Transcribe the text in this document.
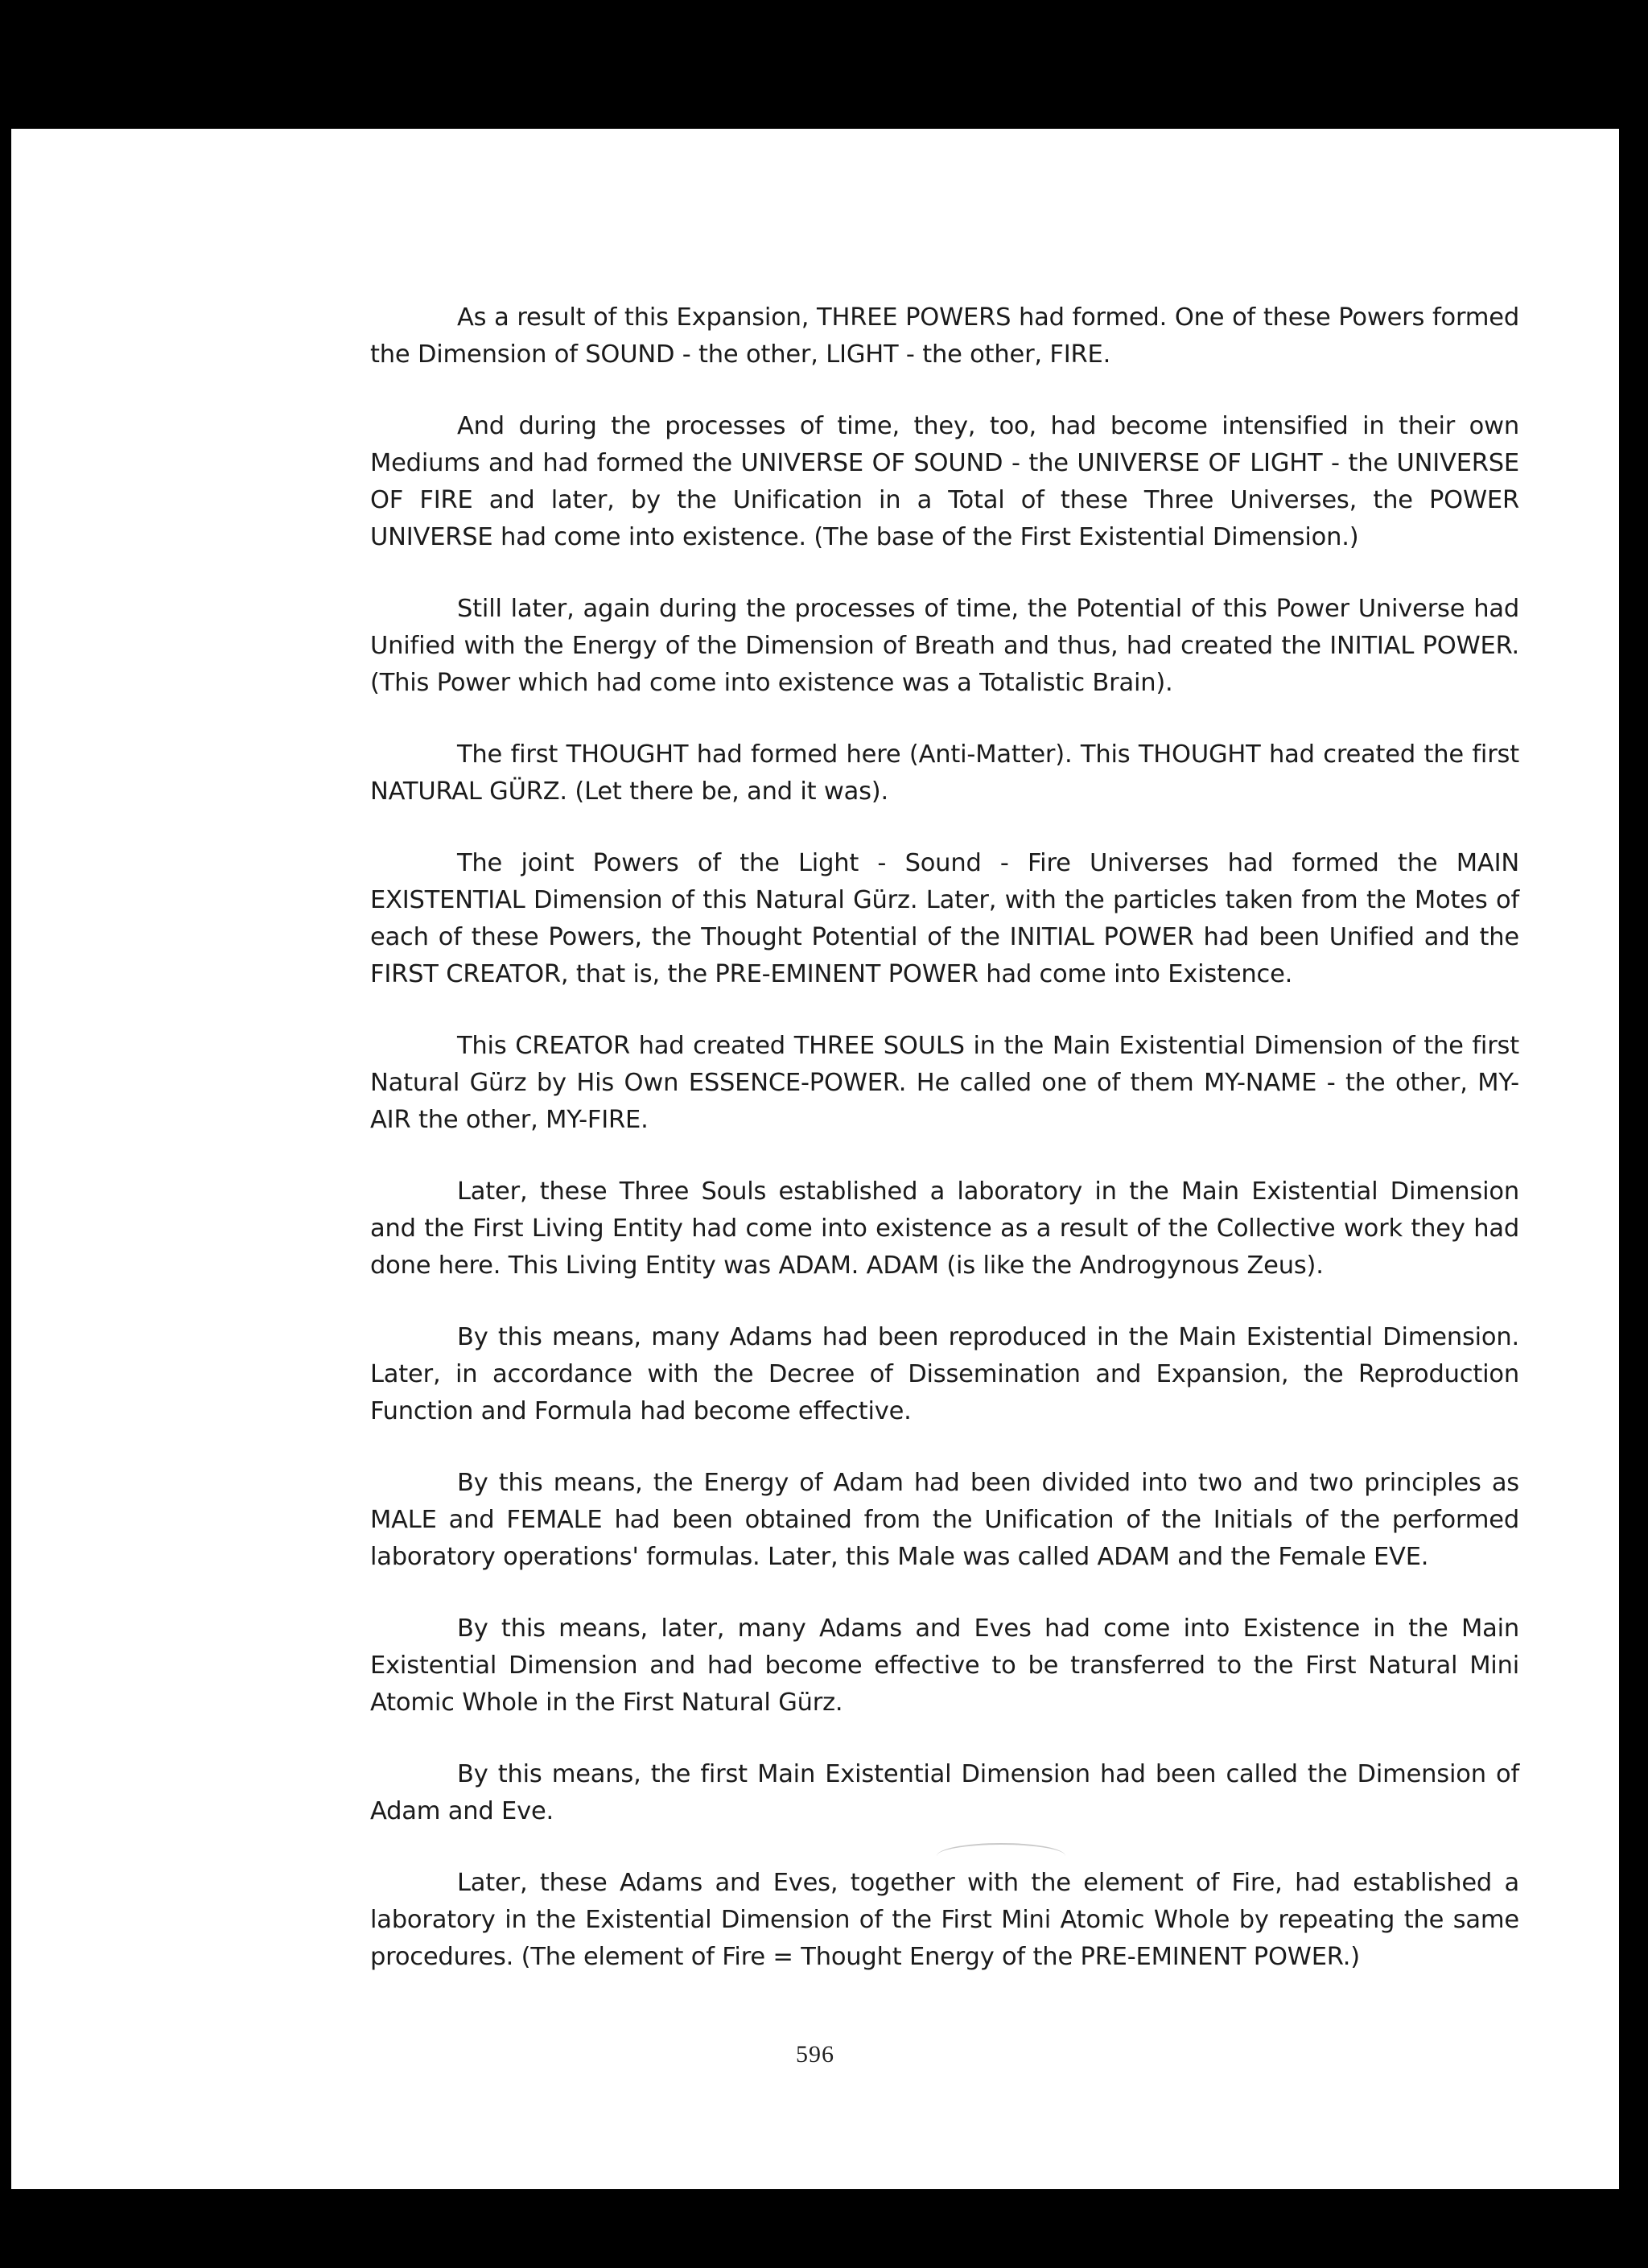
As a result of this Expansion, THREE POWERS had formed. One of these Powers formed the Dimension of SOUND - the other, LIGHT - the other, FIRE.

And during the processes of time, they, too, had become intensified in their own Mediums and had formed the UNIVERSE OF SOUND - the UNIVERSE OF LIGHT - the UNIVERSE OF FIRE and later, by the Unification in a Total of these Three Universes, the POWER UNIVERSE had come into existence. (The base of the First Existential Dimension.)

Still later, again during the processes of time, the Potential of this Power Universe had Unified with the Energy of the Dimension of Breath and thus, had created the INITIAL POWER. (This Power which had come into existence was a Totalistic Brain).

The first THOUGHT had formed here (Anti-Matter). This THOUGHT had created the first NATURAL GÜRZ. (Let there be, and it was).

The joint Powers of the Light - Sound - Fire Universes had formed the MAIN EXISTENTIAL Dimension of this Natural Gürz. Later, with the particles taken from the Motes of each of these Powers, the Thought Potential of the INITIAL POWER had been Unified and the FIRST CREATOR, that is, the PRE-EMINENT POWER had come into Existence.

This CREATOR had created THREE SOULS in the Main Existential Dimension of the first Natural Gürz by His Own ESSENCE-POWER. He called one of them MY-NAME - the other, MY-AIR the other, MY-FIRE.

Later, these Three Souls established a laboratory in the Main Existential Dimension and the First Living Entity had come into existence as a result of the Collective work they had done here. This Living Entity was ADAM. ADAM (is like the Androgynous Zeus).

By this means, many Adams had been reproduced in the Main Existential Dimension. Later, in accordance with the Decree of Dissemination and Expansion, the Reproduction Function and Formula had become effective.

By this means, the Energy of Adam had been divided into two and two principles as MALE and FEMALE had been obtained from the Unification of the Initials of the performed laboratory operations' formulas. Later, this Male was called ADAM and the Female EVE.

By this means, later, many Adams and Eves had come into Existence in the Main Existential Dimension and had become effective to be transferred to the First Natural Mini Atomic Whole in the First Natural Gürz.

By this means, the first Main Existential Dimension had been called the Dimension of Adam and Eve.

Later, these Adams and Eves, together with the element of Fire, had established a laboratory in the Existential Dimension of the First Mini Atomic Whole by repeating the same procedures. (The element of Fire = Thought Energy of the PRE-EMINENT POWER.)

596
